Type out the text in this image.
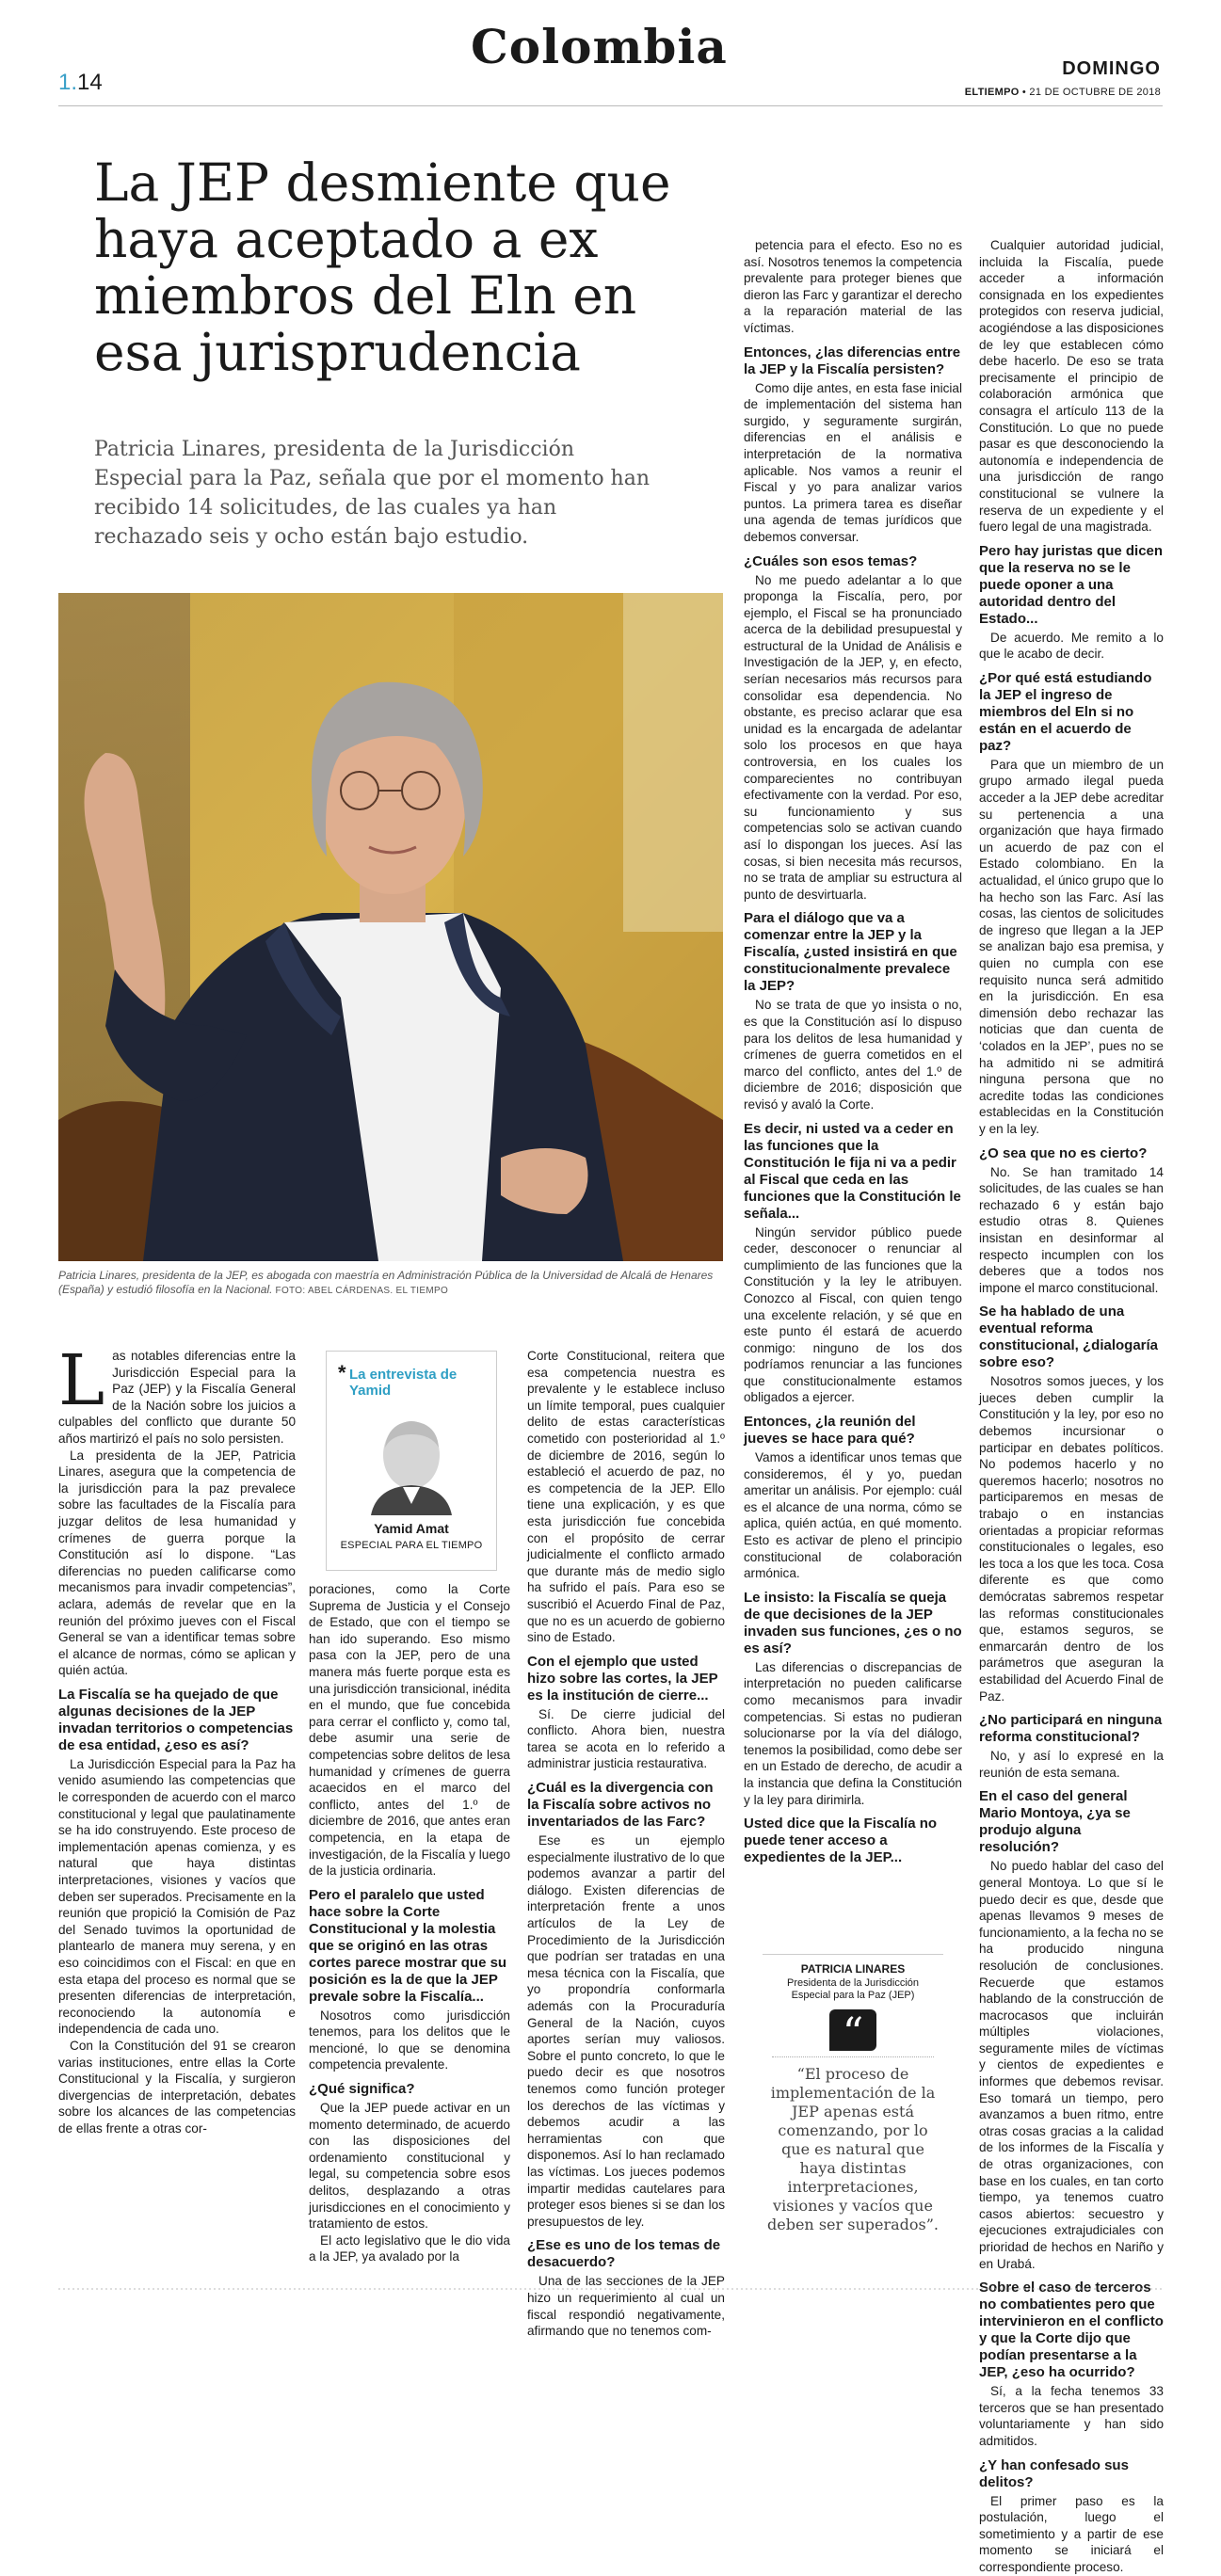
1.14
Colombia	DOMINGO
ELTIEMPO • 21 DE OCTUBRE DE 2018
La JEP desmiente que haya aceptado a ex miembros del Eln en esa jurisprudencia
Patricia Linares, presidenta de la Jurisdicción Especial para la Paz, señala que por el momento han recibido 14 solicitudes, de las cuales ya han rechazado seis y ocho están bajo estudio.

petencia para el efecto. Eso no es así. Nosotros tenemos la competencia prevalente para proteger bienes que dieron las Farc y garantizar el derecho a la reparación material de las víctimas.

Entonces, ¿las diferencias entre la JEP y la Fiscalía persisten?

Como dije antes, en esta fase inicial de implementación del sistema han surgido, y seguramente surgirán, diferencias en el análisis e interpretación de la normativa aplicable. Nos vamos a reunir el Fiscal y yo para analizar varios puntos. La primera tarea es diseñar una agenda de temas jurídicos que debemos conversar.

¿Cuáles son esos temas?

No me puedo adelantar a lo que proponga la Fiscalía, pero, por ejemplo, el Fiscal se ha pronunciado acerca de la debilidad presupuestal y estructural de la Unidad de Análisis e Investigación de la JEP, y, en efecto, serían necesarios más recursos para consolidar esa dependencia. No obstante, es preciso aclarar que esa unidad es la encargada de adelantar solo los procesos en que haya controversia, en los cuales los comparecientes no contribuyan efectivamente con la verdad. Por eso, su funcionamiento y sus competencias solo se activan cuando así lo dispongan los jueces. Así las cosas, si bien necesita más recursos, no se trata de ampliar su estructura al punto de desvirtuarla.

Para el diálogo que va a comenzar entre la JEP y la Fiscalía, ¿usted insistirá en que constitucionalmente prevalece la JEP?

No se trata de que yo insista o no, es que la Constitución así lo dispuso para los delitos de lesa humanidad y crímenes de guerra cometidos en el marco del conflicto, antes del 1.º de diciembre de 2016; disposición que revisó y avaló la Corte.

Es decir, ni usted va a ceder en las funciones que la Constitución le fija ni va a pedir al Fiscal que ceda en las funciones que la Constitución le señala...

Ningún servidor público puede ceder, desconocer o renunciar al cumplimiento de las funciones que la Constitución y la ley le atribuyen. Conozco al Fiscal, con quien tengo una excelente relación, y sé que en este punto él estará de acuerdo conmigo: ninguno de los dos podríamos renunciar a las funciones que constitucionalmente estamos obligados a ejercer.

Entonces, ¿la reunión del jueves se hace para qué?

Vamos a identificar unos temas que consideremos, él y yo, puedan ameritar un análisis. Por ejemplo: cuál es el alcance de una norma, cómo se aplica, quién actúa, en qué momento. Esto es activar de pleno el principio constitucional de colaboración armónica.

Le insisto: la Fiscalía se queja de que decisiones de la JEP invaden sus funciones, ¿es o no es así?

Las diferencias o discrepancias de interpretación no pueden calificarse como mecanismos para invadir competencias. Si estas no pudieran solucionarse por la vía del diálogo, tenemos la posibilidad, como debe ser en un Estado de derecho, de acudir a la instancia que defina la Constitución y la ley para dirimirla.

Usted dice que la Fiscalía no puede tener acceso a expedientes de la JEP...

Cualquier autoridad judicial, incluida la Fiscalía, puede acceder a información consignada en los expedientes protegidos con reserva judicial, acogiéndose a las disposiciones de ley que establecen cómo debe hacerlo. De eso se trata precisamente el principio de colaboración armónica que consagra el artículo 113 de la Constitución. Lo que no puede pasar es que desconociendo la autonomía e independencia de una jurisdicción de rango constitucional se vulnere la reserva de un expediente y el fuero legal de una magistrada.

Pero hay juristas que dicen que la reserva no se le puede oponer a una autoridad dentro del Estado...

De acuerdo. Me remito a lo que le acabo de decir.

¿Por qué está estudiando la JEP el ingreso de miembros del Eln si no están en el acuerdo de paz?

Para que un miembro de un grupo armado ilegal pueda acceder a la JEP debe acreditar su pertenencia a una organización que haya firmado un acuerdo de paz con el Estado colombiano. En la actualidad, el único grupo que lo ha hecho son las Farc. Así las cosas, las cientos de solicitudes de ingreso que llegan a la JEP se analizan bajo esa premisa, y quien no cumpla con ese requisito nunca será admitido en la jurisdicción. En esa dimensión debo rechazar las noticias que dan cuenta de ‘colados en la JEP’, pues no se ha admitido ni se admitirá ninguna persona que no acredite todas las condiciones establecidas en la Constitución y en la ley.

¿O sea que no es cierto?

No. Se han tramitado 14 solicitudes, de las cuales se han rechazado 6 y están bajo estudio otras 8. Quienes insistan en desinformar al respecto incumplen con los deberes que a todos nos impone el marco constitucional.

Se ha hablado de una eventual reforma constitucional, ¿dialogaría sobre eso?

Nosotros somos jueces, y los jueces deben cumplir la Constitución y la ley, por eso no debemos incursionar o participar en debates políticos. No podemos hacerlo y no queremos hacerlo; nosotros no participaremos en mesas de trabajo o en instancias orientadas a propiciar reformas constitucionales o legales, eso les toca a los que les toca. Cosa diferente es que como demócratas sabremos respetar las reformas constitucionales que, estamos seguros, se enmarcarán dentro de los parámetros que aseguran la estabilidad del Acuerdo Final de Paz.

¿No participará en ninguna reforma constitucional?

No, y así lo expresé en la reunión de esta semana.

En el caso del general Mario Montoya, ¿ya se produjo alguna resolución?

No puedo hablar del caso del general Montoya. Lo que sí le puedo decir es que, desde que apenas llevamos 9 meses de funcionamiento, a la fecha no se ha producido ninguna resolución de conclusiones. Recuerde que estamos hablando de la construcción de macrocasos que incluirán múltiples violaciones, seguramente miles de víctimas y cientos de expedientes e informes que debemos revisar. Eso tomará un tiempo, pero avanzamos a buen ritmo, entre otras cosas gracias a la calidad de los informes de la Fiscalía y de otras organizaciones, con base en los cuales, en tan corto tiempo, ya tenemos cuatro casos abiertos: secuestro y ejecuciones extrajudiciales con prioridad de hechos en Nariño y en Urabá.

Sobre el caso de terceros no combatientes pero que intervinieron en el conflicto y que la Corte dijo que podían presentarse a la JEP, ¿eso ha ocurrido?

Sí, a la fecha tenemos 33 terceros que se han presentado voluntariamente y han sido admitidos.

¿Y han confesado sus delitos?

El primer paso es la postulación, luego el sometimiento y a partir de ese momento se iniciará el correspondiente proceso.

Patricia Linares, presidenta de la JEP, es abogada con maestría en Administración Pública de la Universidad de Alcalá de Henares (España) y estudió filosofía en la Nacional. FOTO: ABEL CÁRDENAS. EL TIEMPO
L as notables diferencias entre la Jurisdicción Especial para la Paz (JEP) y la Fiscalía General de la Nación sobre los juicios a culpables del conflicto que durante 50 años martirizó el país no solo persisten.

La presidenta de la JEP, Patricia Linares, asegura que la competencia de la jurisdicción para la paz prevalece sobre las facultades de la Fiscalía para juzgar delitos de lesa humanidad y crímenes de guerra porque la Constitución así lo dispone. “Las diferencias no pueden calificarse como mecanismos para invadir competencias”, aclara, además de revelar que en la reunión del próximo jueves con el Fiscal General se van a identificar temas sobre el alcance de normas, cómo se aplican y quién actúa.

La Fiscalía se ha quejado de que algunas decisiones de la JEP invadan territorios o competencias de esa entidad, ¿eso es así?

La Jurisdicción Especial para la Paz ha venido asumiendo las competencias que le corresponden de acuerdo con el marco constitucional y legal que paulatinamente se ha ido construyendo. Este proceso de implementación apenas comienza, y es natural que haya distintas interpretaciones, visiones y vacíos que deben ser superados. Precisamente en la reunión que propició la Comisión de Paz del Senado tuvimos la oportunidad de plantearlo de manera muy serena, y en eso coincidimos con el Fiscal: en que en esta etapa del proceso es normal que se presenten diferencias de interpretación, reconociendo la autonomía e independencia de cada uno.

Con la Constitución del 91 se crearon varias instituciones, entre ellas la Corte Constitucional y la Fiscalía, y surgieron divergencias de interpretación, debates sobre los alcances de las competencias de ellas frente a otras cor-

* La entrevista de Yamid
Yamid Amat
ESPECIAL PARA EL TIEMPO

poraciones, como la Corte Suprema de Justicia y el Consejo de Estado, que con el tiempo se han ido superando. Eso mismo pasa con la JEP, pero de una manera más fuerte porque esta es una jurisdicción transicional, inédita en el mundo, que fue concebida para cerrar el conflicto y, como tal, debe asumir una serie de competencias sobre delitos de lesa humanidad y crímenes de guerra acaecidos en el marco del conflicto, antes del 1.º de diciembre de 2016, que antes eran competencia, en la etapa de investigación, de la Fiscalía y luego de la justicia ordinaria.

Pero el paralelo que usted hace sobre la Corte Constitucional y la molestia que se originó en las otras cortes parece mostrar que su posición es la de que la JEP prevale sobre la Fiscalía...

Nosotros como jurisdicción tenemos, para los delitos que le mencioné, lo que se denomina competencia prevalente.

¿Qué significa?

Que la JEP puede activar en un momento determinado, de acuerdo con las disposiciones del ordenamiento constitucional y legal, su competencia sobre esos delitos, desplazando a otras jurisdicciones en el conocimiento y tratamiento de estos.

El acto legislativo que le dio vida a la JEP, ya avalado por la

Corte Constitucional, reitera que esa competencia nuestra es prevalente y le establece incluso un límite temporal, pues cualquier delito de estas características cometido con posterioridad al 1.º de diciembre de 2016, según lo estableció el acuerdo de paz, no es competencia de la JEP. Ello tiene una explicación, y es que esta jurisdicción fue concebida con el propósito de cerrar judicialmente el conflicto armado que durante más de medio siglo ha sufrido el país. Para eso se suscribió el Acuerdo Final de Paz, que no es un acuerdo de gobierno sino de Estado.

Con el ejemplo que usted hizo sobre las cortes, la JEP es la institución de cierre...

Sí. De cierre judicial del conflicto. Ahora bien, nuestra tarea se acota en lo referido a administrar justicia restaurativa.

¿Cuál es la divergencia con la Fiscalía sobre activos no inventariados de las Farc?

Ese es un ejemplo especialmente ilustrativo de lo que podemos avanzar a partir del diálogo. Existen diferencias de interpretación frente a unos artículos de la Ley de Procedimiento de la Jurisdicción que podrían ser tratadas en una mesa técnica con la Fiscalía, que yo propondría conformarla además con la Procuraduría General de la Nación, cuyos aportes serían muy valiosos. Sobre el punto concreto, lo que le puedo decir es que nosotros tenemos como función proteger los derechos de las víctimas y debemos acudir a las herramientas con que disponemos. Así lo han reclamado las víctimas. Los jueces podemos impartir medidas cautelares para proteger esos bienes si se dan los presupuestos de ley.

¿Ese es uno de los temas de desacuerdo?

Una de las secciones de la JEP hizo un requerimiento al cual un fiscal respondió negativamente, afirmando que no tenemos com-

PATRICIA LINARES
Presidenta de la Jurisdicción Especial para la Paz (JEP)
“
“El proceso de implementación de la JEP apenas está comenzando, por lo que es natural que haya distintas interpretaciones, visiones y vacíos que deben ser superados”.
